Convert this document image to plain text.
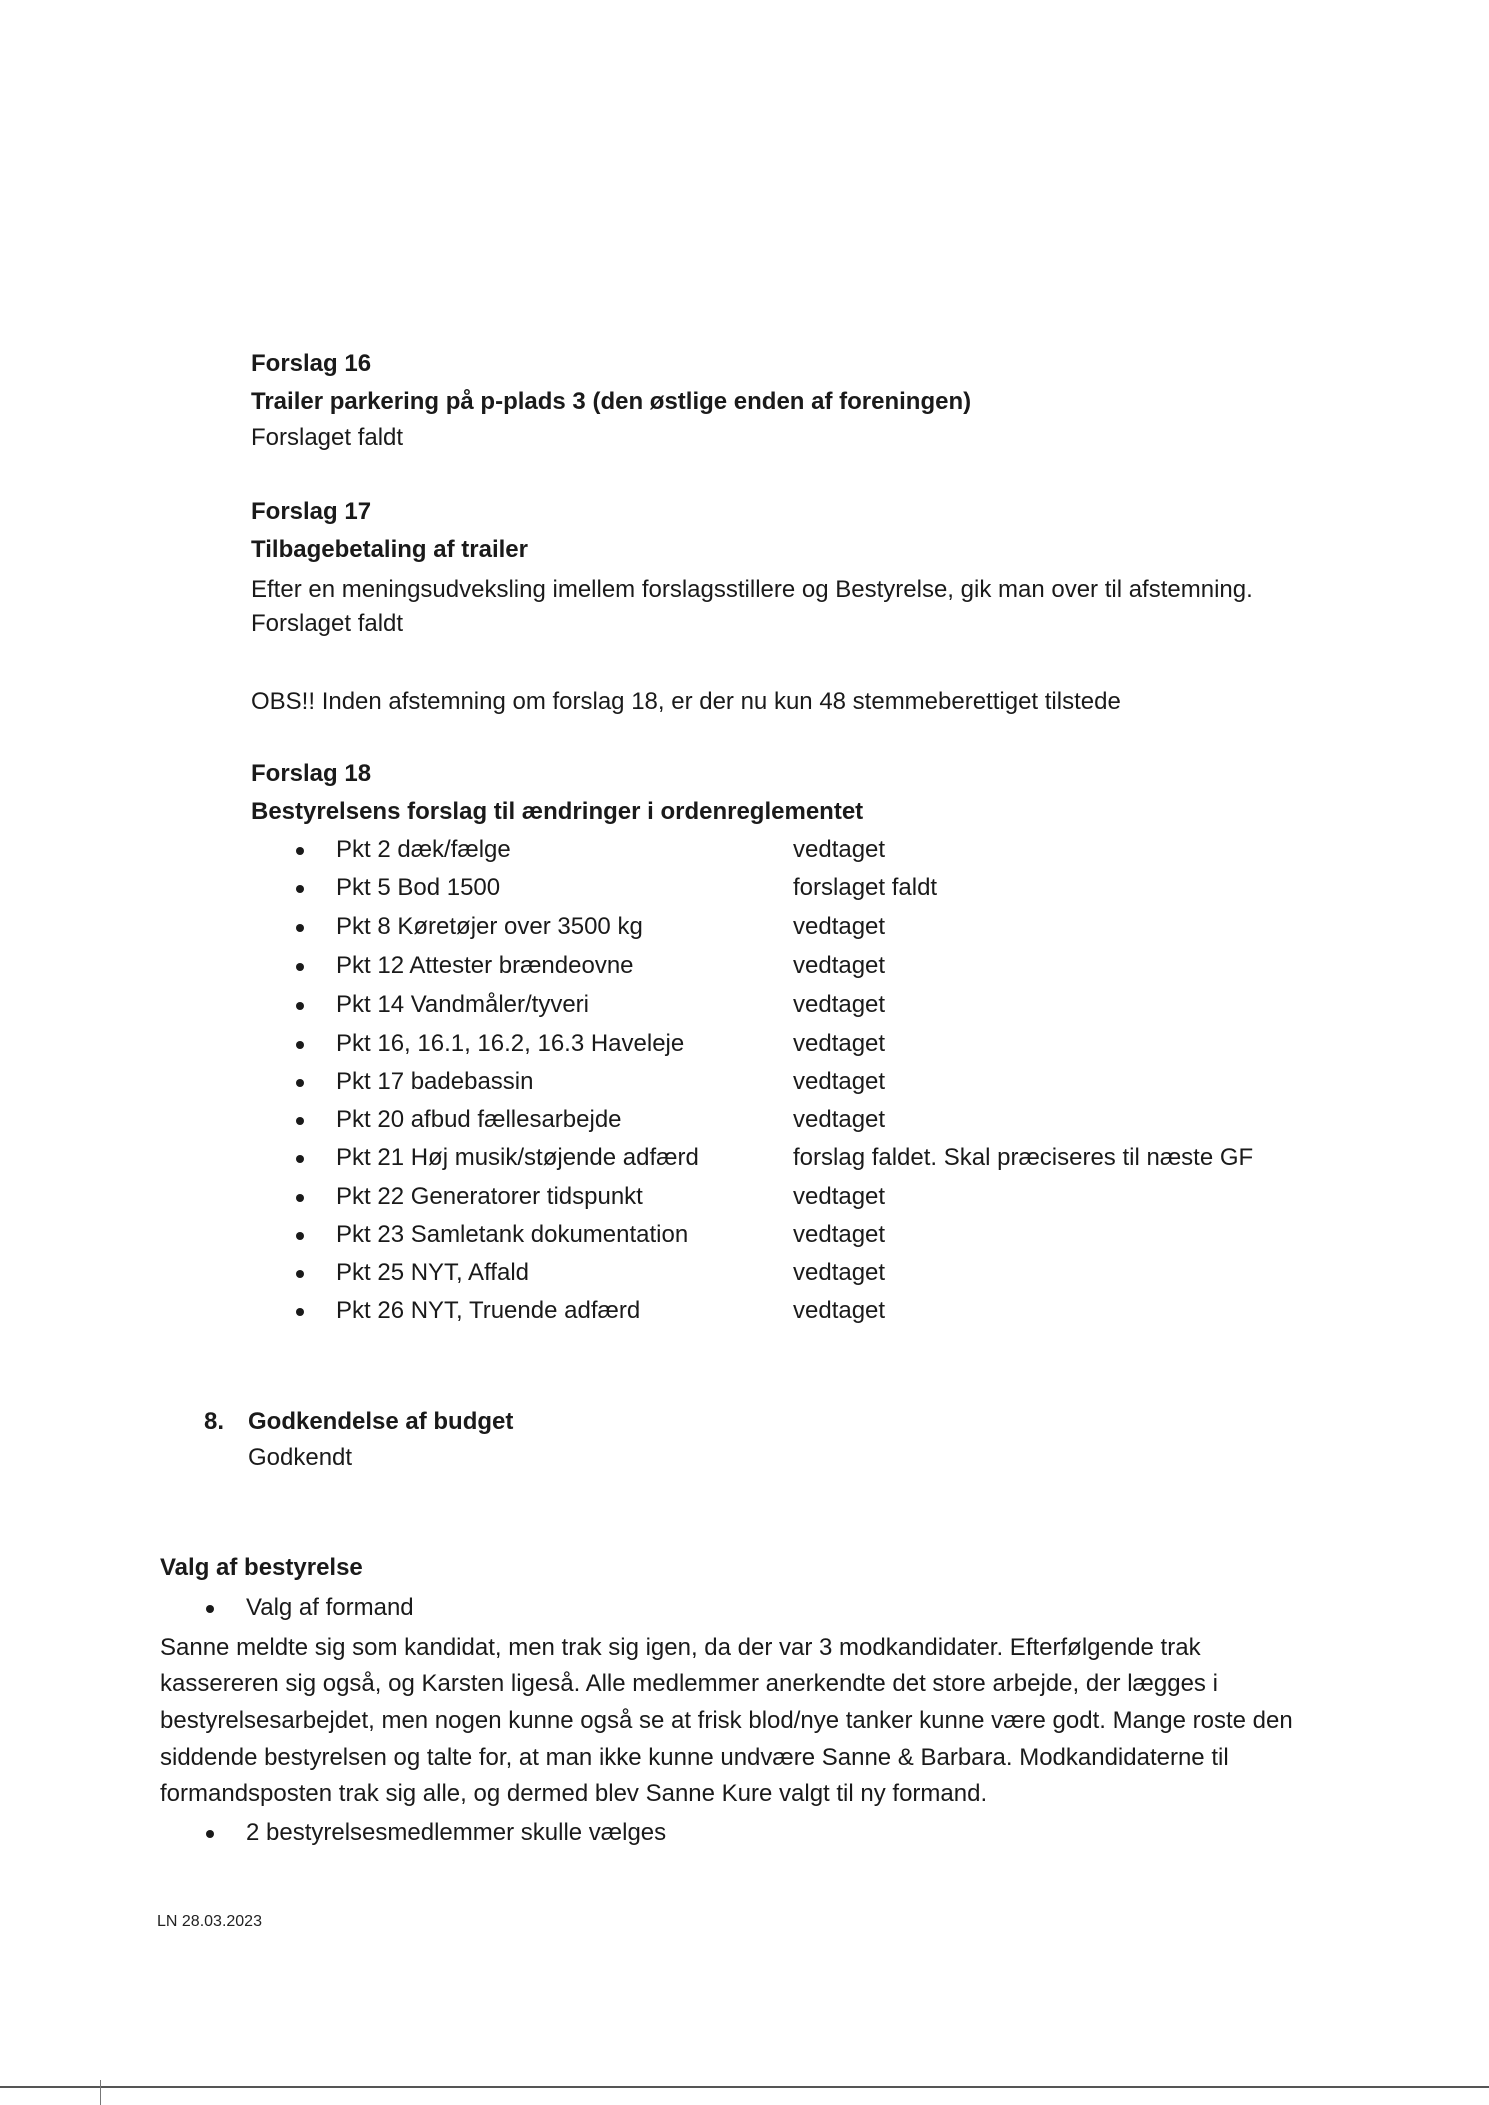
Forslag 16
Trailer parkering på p-plads 3 (den østlige enden af foreningen)
Forslaget faldt
Forslag 17
Tilbagebetaling af trailer
Efter en meningsudveksling imellem forslagsstillere og Bestyrelse, gik man over til afstemning.
Forslaget faldt
OBS!! Inden afstemning om forslag 18, er der nu kun 48 stemmeberettiget tilstede
Forslag 18
Bestyrelsens forslag til ændringer i ordenreglementet
Pkt 2 dæk/fælge	vedtaget
Pkt 5 Bod 1500	forslaget faldt
Pkt 8 Køretøjer over 3500 kg	vedtaget
Pkt 12 Attester brændeovne	vedtaget
Pkt 14 Vandmåler/tyveri	vedtaget
Pkt 16, 16.1, 16.2, 16.3 Haveleje	vedtaget
Pkt 17 badebassin	vedtaget
Pkt 20 afbud fællesarbejde	vedtaget
Pkt 21 Høj musik/støjende adfærd	forslag faldet. Skal præciseres til næste GF
Pkt 22 Generatorer tidspunkt	vedtaget
Pkt 23 Samletank dokumentation	vedtaget
Pkt 25 NYT, Affald	vedtaget
Pkt 26 NYT, Truende adfærd	vedtaget
8. Godkendelse af budget
Godkendt
Valg af bestyrelse
Valg af formand
Sanne meldte sig som kandidat, men trak sig igen, da der var 3 modkandidater. Efterfølgende trak
kassereren sig også, og Karsten ligeså. Alle medlemmer anerkendte det store arbejde, der lægges i
bestyrelsesarbejdet, men nogen kunne også se at frisk blod/nye tanker kunne være godt. Mange roste den
siddende bestyrelsen og talte for, at man ikke kunne undvære Sanne & Barbara. Modkandidaterne til
formandsposten trak sig alle, og dermed blev Sanne Kure valgt til ny formand.
2 bestyrelsesmedlemmer skulle vælges
LN 28.03.2023
